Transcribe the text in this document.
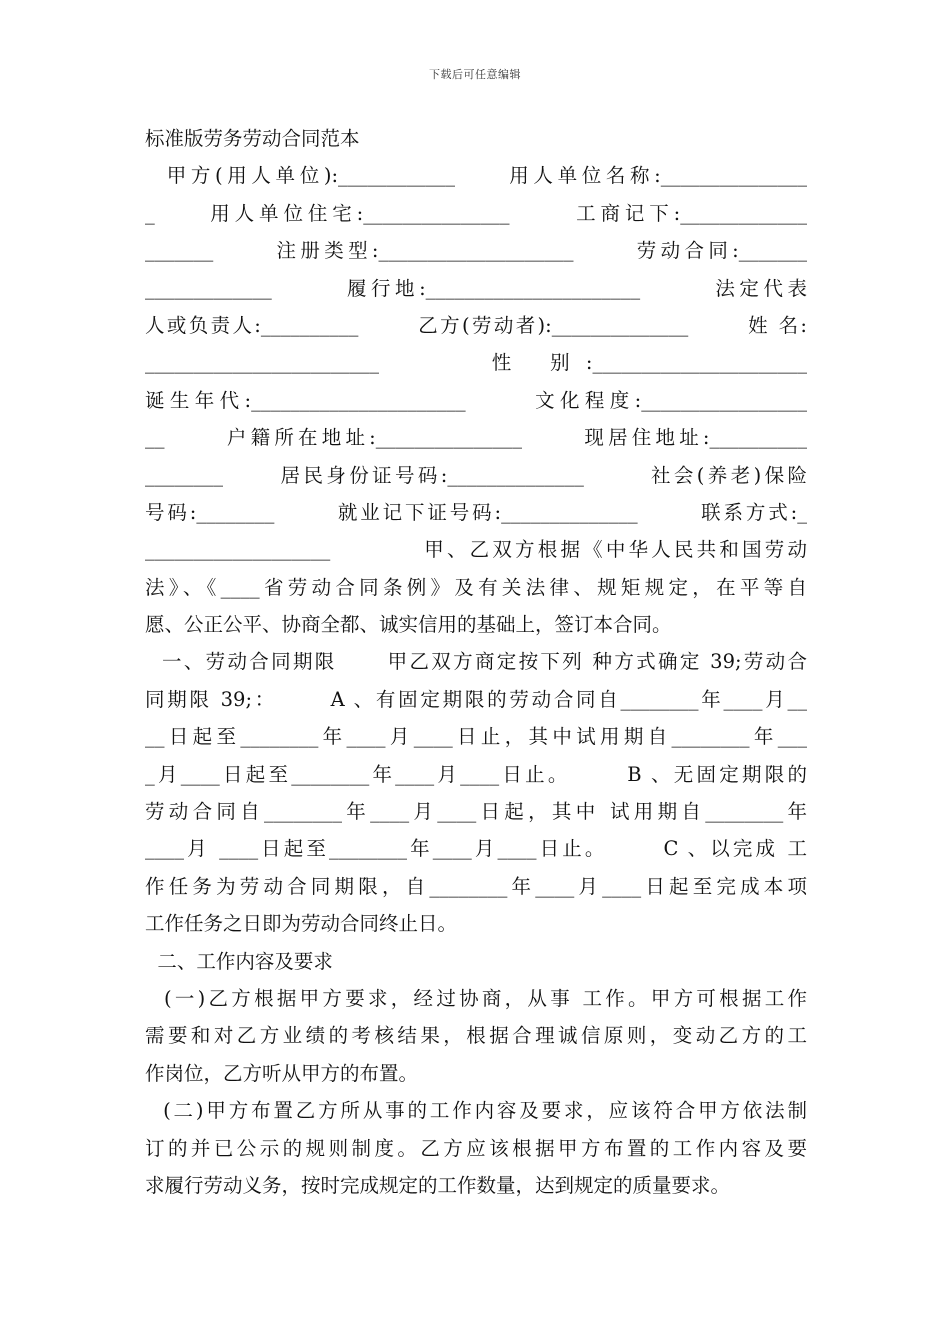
下载后可任意编辑
标准版劳务劳动合同范本
甲方(用人单位):____________     用人单位名称:_______________
_     用人单位住宅:_______________      工商记下:_____________
_______      注册类型:____________________      劳动合同:_______
_____________       履行地:______________________       法定代表
人或负责人:__________       乙方(劳动者):______________       姓 名:
________________________          性   别 :______________________
诞生年代:______________________      文化程度:_________________
__      户籍所在地址:_______________      现居住地址:__________
________      居民身份证号码:______________       社会(养老)保险
号码:________       就业记下证号码:______________       联系方式:_
___________________          甲、乙双方根据《中华人民共和国劳动
法》、《____省劳动合同条例》及有关法律、规矩规定，在平等自
愿、公正公平、协商全都、诚实信用的基础上，签订本合同。
一、劳动合同期限      甲乙双方商定按下列 种方式确定 39;劳动合
同期限 39;：      A 、有固定期限的劳动合同自________年____月__
__日起至________年____月____日止，其中试用期自________年___
_月____日起至________年____月____日止。      B 、无固定期限的
劳动合同自________年____月____日起，其中 试用期自________年
____月 ____日起至________年____月____日止。      C 、以完成 工
作任务为劳动合同期限，自________年____月____日起至完成本项
工作任务之日即为劳动合同终止日。
二、工作内容及要求
(一)乙方根据甲方要求，经过协商，从事 工作。甲方可根据工作
需要和对乙方业绩的考核结果，根据合理诚信原则，变动乙方的工
作岗位，乙方听从甲方的布置。
(二)甲方布置乙方所从事的工作内容及要求，应该符合甲方依法制
订的并已公示的规则制度。乙方应该根据甲方布置的工作内容及要
求履行劳动义务，按时完成规定的工作数量，达到规定的质量要求。
